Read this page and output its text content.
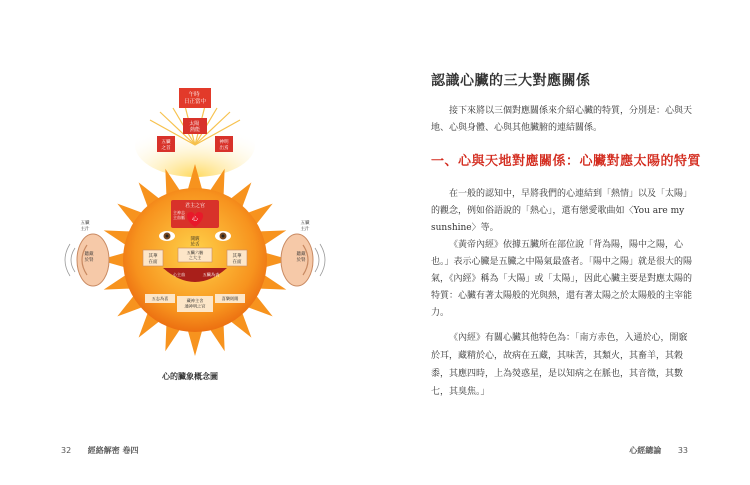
午時 日正當中
太陽 熱能
五臟之首
神明出焉
聽藏於腎
聽藏於腎
五臟主汁
五臟主汁
君主之官
主神志主血脈 心
開竅於舌
其華在面
其華在面
五臟六腑之大主
心主血	五臟為表
五志為喜	藏神主舍通神明之官
喜樂則陽
心的臟象概念圖
32 經絡解密 卷四
認識心臟的三大對應關係
接下來將以三個對應關係來介紹心臟的特質，分別是：心與天地、心與身體、心與其他臟腑的連結關係。
一、心與天地對應關係：心臟對應太陽的特質

在一般的認知中，早將我們的心連結到「熱情」以及「太陽」的觀念，例如俗語說的「熱心」，還有戀愛歌曲如〈You are my sunshine〉等。

《黃帝內經》依據五臟所在部位說「背為陽，陽中之陽，心也。」表示心臟是五臟之中陽氣最盛者。「陽中之陽」就是很大的陽氣，《內經》稱為「大陽」或「太陽」，因此心臟主要是對應太陽的特質：心臟有著太陽般的光與熱，還有著太陽之於太陽般的主宰能力。

《內經》有關心臟其他特色為：「南方赤色，入通於心，開竅於耳，藏精於心，故病在五藏，其味苦，其類火，其畜羊，其穀黍，其應四時，上為熒惑星，是以知病之在脈也，其音徵，其數七，其臭焦。」

心經總論 33
